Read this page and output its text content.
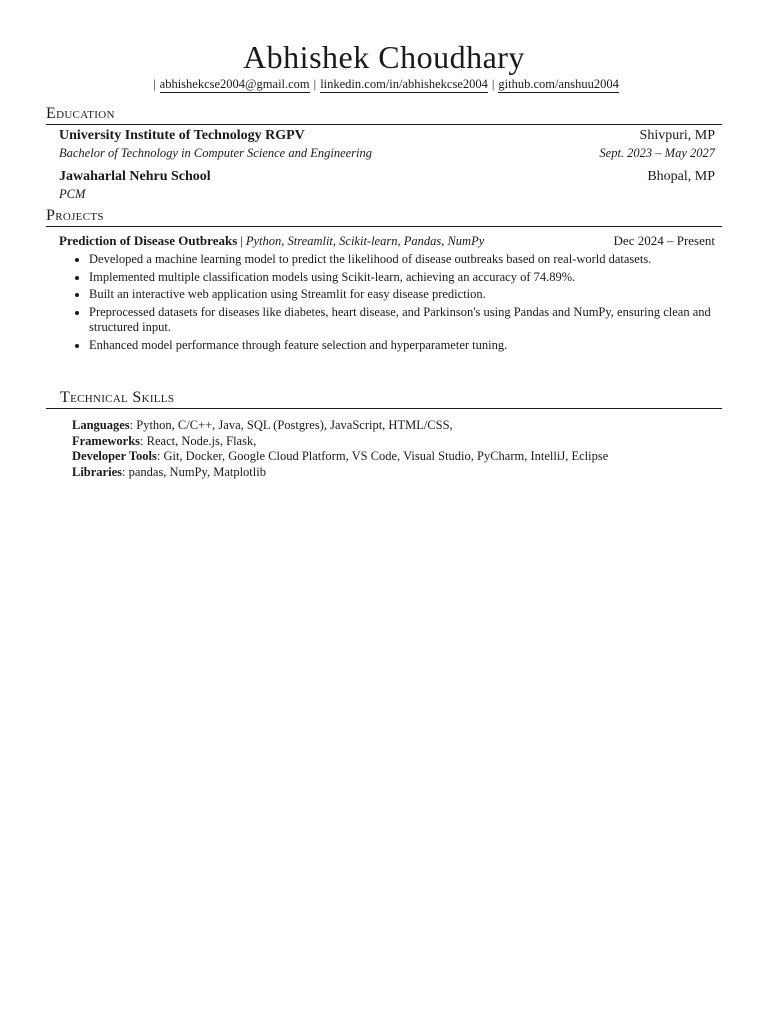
Abhishek Choudhary
| abhishekcse2004@gmail.com | linkedin.com/in/abhishekcse2004 | github.com/anshuu2004
Education
University Institute of Technology RGPV	Shivpuri, MP
Bachelor of Technology in Computer Science and Engineering	Sept. 2023 – May 2027
Jawaharlal Nehru School	Bhopal, MP
PCM
Projects
Prediction of Disease Outbreaks | Python, Streamlit, Scikit-learn, Pandas, NumPy	Dec 2024 – Present
• Developed a machine learning model to predict the likelihood of disease outbreaks based on real-world datasets.
• Implemented multiple classification models using Scikit-learn, achieving an accuracy of 74.89%.
• Built an interactive web application using Streamlit for easy disease prediction.
• Preprocessed datasets for diseases like diabetes, heart disease, and Parkinson's using Pandas and NumPy, ensuring clean and structured input.
• Enhanced model performance through feature selection and hyperparameter tuning.
Technical Skills
Languages: Python, C/C++, Java, SQL (Postgres), JavaScript, HTML/CSS,
Frameworks: React, Node.js, Flask,
Developer Tools: Git, Docker, Google Cloud Platform, VS Code, Visual Studio, PyCharm, IntelliJ, Eclipse
Libraries: pandas, NumPy, Matplotlib
